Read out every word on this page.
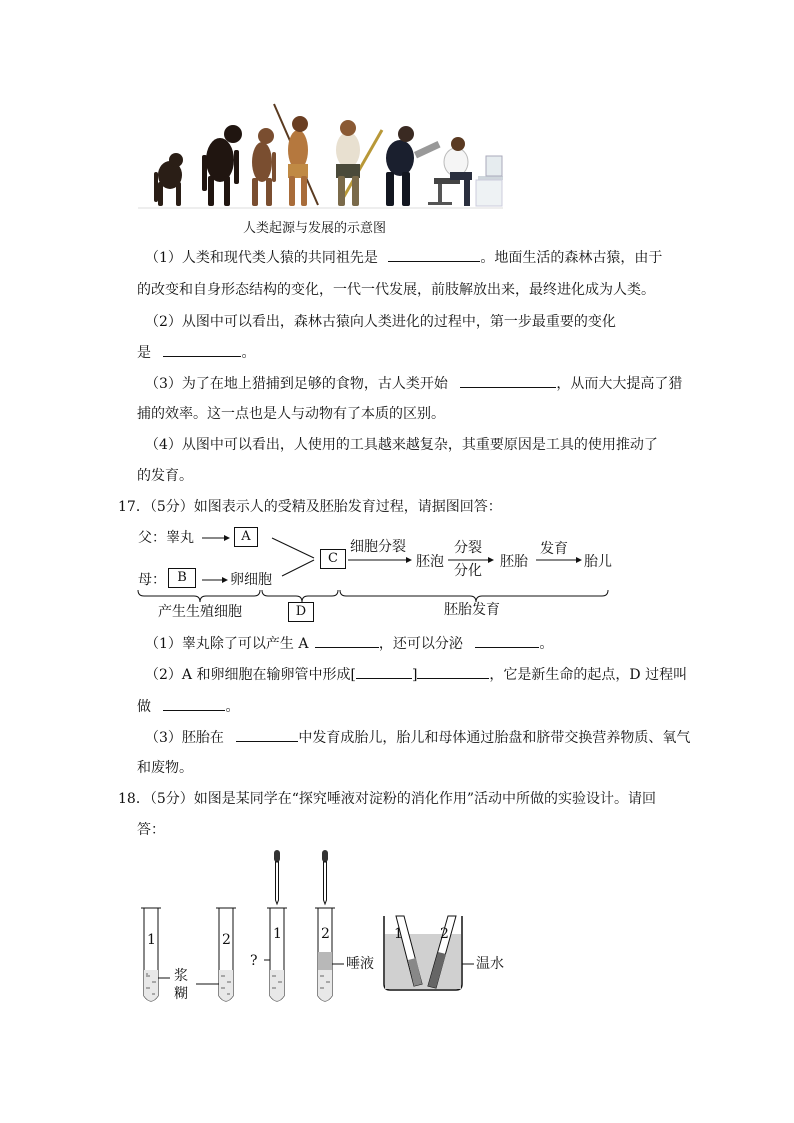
人类起源与发展的示意图
（1）人类和现代类人猿的共同祖先是	。地面生活的森林古猿，由于
的改变和自身形态结构的变化，一代一代发展，前肢解放出来，最终进化成为人类。
（2）从图中可以看出，森林古猿向人类进化的过程中，第一步最重要的变化
是	。
（3）为了在地上猎捕到足够的食物，古人类开始	，从而大大提高了猎
捕的效率。这一点也是人与动物有了本质的区别。
（4）从图中可以看出，人使用的工具越来越复杂，其重要原因是工具的使用推动了
的发育。
17．（5分）如图表示人的受精及胚胎发育过程，请据图回答：
父：睾丸	A
母： B	卵细胞
C
细胞分裂
胚泡
分裂
分化
胚胎
发育
胎儿
产生生殖细胞	D	胚胎发育
（1）睾丸除了可以产生 A	，还可以分泌	。
（2）A 和卵细胞在输卵管中形成[	]	，它是新生命的起点，D 过程叫
做	。
（3）胚胎在	中发育成胎儿，胎儿和母体通过胎盘和脐带交换营养物质、氧气
和废物。
18．（5分）如图是某同学在“探究唾液对淀粉的消化作用”活动中所做的实验设计。请回
答：
1	2	1	2
浆
糊
?	唾液
1	2
温水
